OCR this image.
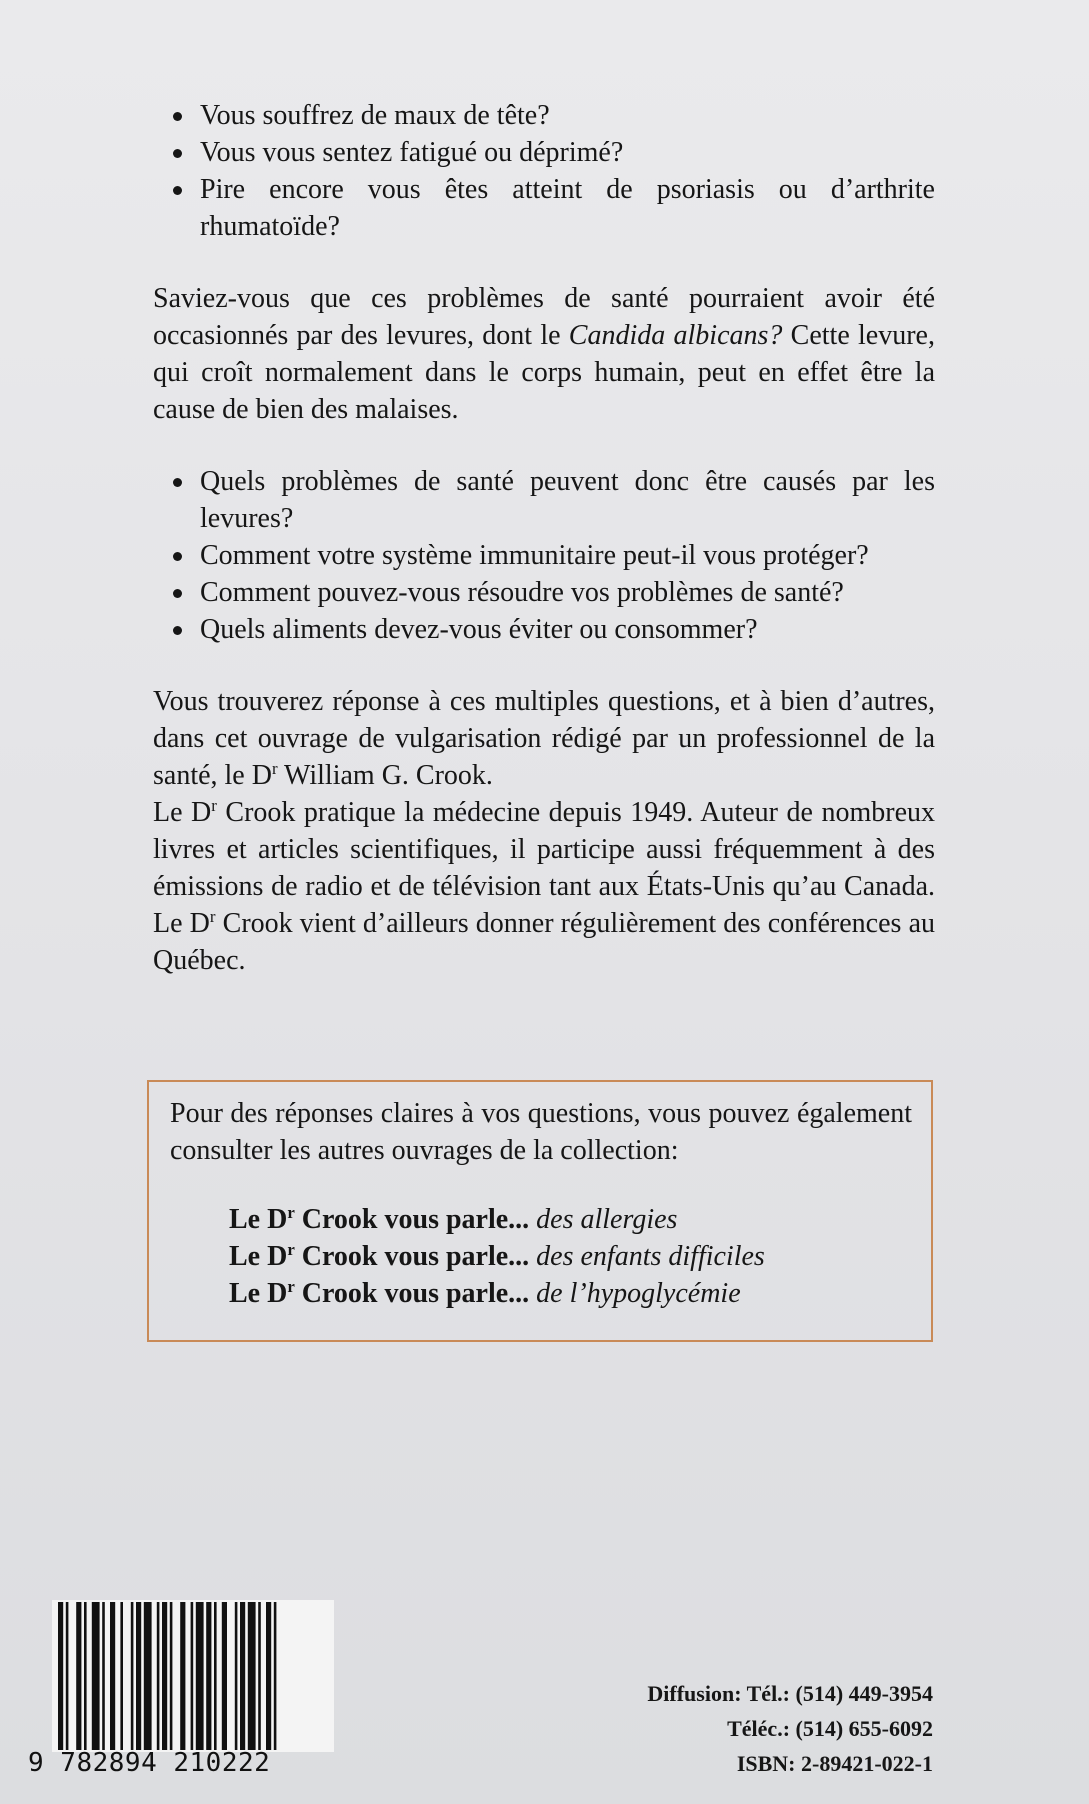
Vous souffrez de maux de tête?
Vous vous sentez fatigué ou déprimé?
Pire encore vous êtes atteint de psoriasis ou d’arthrite rhumatoïde?

Saviez-vous que ces problèmes de santé pourraient avoir été occasionnés par des levures, dont le Candida albicans? Cette levure, qui croît normalement dans le corps humain, peut en effet être la cause de bien des malaises.

Quels problèmes de santé peuvent donc être causés par les levures?
Comment votre système immunitaire peut-il vous protéger?
Comment pouvez-vous résoudre vos problèmes de santé?
Quels aliments devez-vous éviter ou consommer?

Vous trouverez réponse à ces multiples questions, et à bien d’autres, dans cet ouvrage de vulgarisation rédigé par un professionnel de la santé, le $D^r$ William G. Crook.

Le $D^r$ Crook pratique la médecine depuis 1949. Auteur de nombreux livres et articles scientifiques, il participe aussi fréquemment à des émissions de radio et de télévision tant aux États-Unis qu’au Canada. Le $D^r$ Crook vient d’ailleurs donner régulièrement des conférences au Québec.

Pour des réponses claires à vos questions, vous pouvez également consulter les autres ouvrages de la collection:
Le $D^r$ Crook vous parle... des allergies
Le $D^r$ Crook vous parle... des enfants difficiles
Le $D^r$ Crook vous parle... de l’hypoglycémie
9 782894 210222
Diffusion: Tél.: (514) 449-3954
Téléc.: (514) 655-6092
ISBN: 2-89421-022-1
